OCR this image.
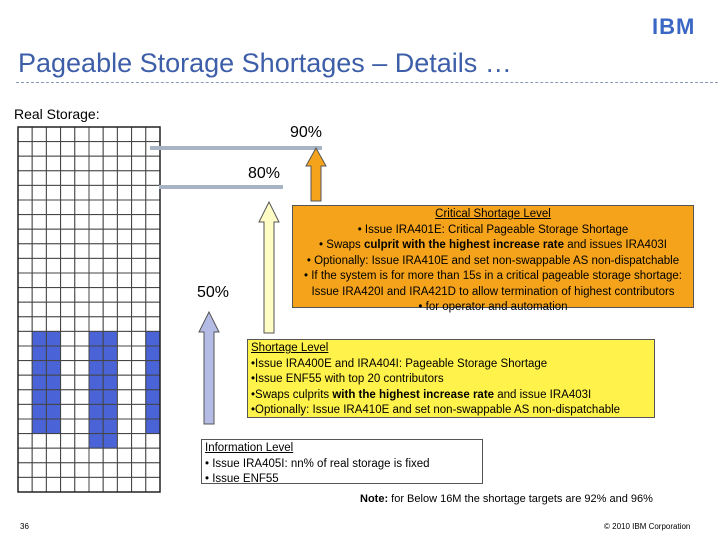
IBM
Pageable Storage Shortages – Details …
Real Storage:
90%
80%
50%
Critical Shortage Level
• Issue IRA401E: Critical Pageable Storage Shortage
• Swaps culprit with the highest increase rate and issues IRA403I
• Optionally: Issue IRA410E and set non-swappable AS non-dispatchable
• If the system is for more than 15s in a critical pageable storage shortage:
Issue IRA420I and IRA421D to allow termination of highest contributors
• for operator and automation
Shortage Level
•Issue IRA400E and IRA404I: Pageable Storage Shortage
•Issue ENF55 with top 20 contributors
•Swaps culprits with the highest increase rate and issue IRA403I
•Optionally: Issue IRA410E and set non-swappable AS non-dispatchable
Information Level
• Issue IRA405I: nn% of real storage is fixed
• Issue ENF55
Note: for Below 16M the shortage targets are 92% and 96%
36	© 2010 IBM Corporation
